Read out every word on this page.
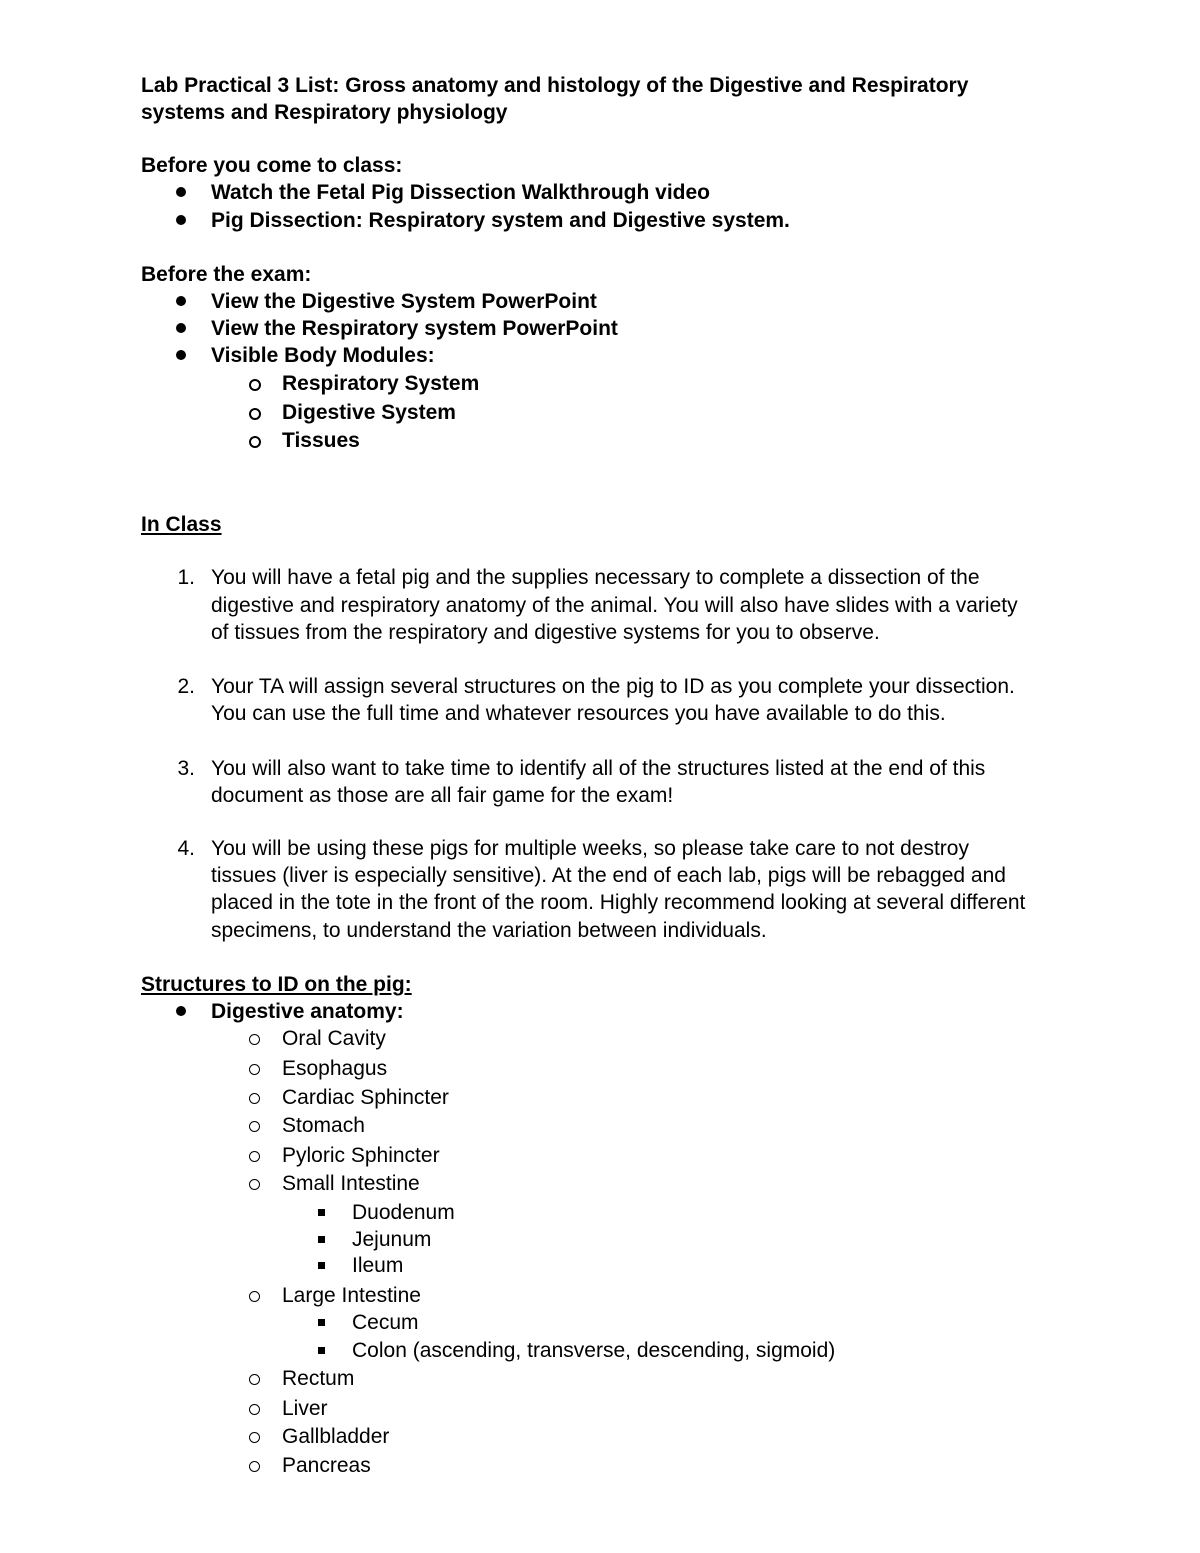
Lab Practical 3 List: Gross anatomy and histology of the Digestive and Respiratory
systems and Respiratory physiology
Before you come to class:
Watch the Fetal Pig Dissection Walkthrough video
Pig Dissection: Respiratory system and Digestive system.
Before the exam:
View the Digestive System PowerPoint
View the Respiratory system PowerPoint
Visible Body Modules:
Respiratory System
Digestive System
Tissues
In Class
1. You will have a fetal pig and the supplies necessary to complete a dissection of the
digestive and respiratory anatomy of the animal. You will also have slides with a variety
of tissues from the respiratory and digestive systems for you to observe.
2. Your TA will assign several structures on the pig to ID as you complete your dissection.
You can use the full time and whatever resources you have available to do this.
3. You will also want to take time to identify all of the structures listed at the end of this
document as those are all fair game for the exam!
4. You will be using these pigs for multiple weeks, so please take care to not destroy
tissues (liver is especially sensitive). At the end of each lab, pigs will be rebagged and
placed in the tote in the front of the room. Highly recommend looking at several different
specimens, to understand the variation between individuals.
Structures to ID on the pig:
Digestive anatomy:
Oral Cavity
Esophagus
Cardiac Sphincter
Stomach
Pyloric Sphincter
Small Intestine
Duodenum
Jejunum
Ileum
Large Intestine
Cecum
Colon (ascending, transverse, descending, sigmoid)
Rectum
Liver
Gallbladder
Pancreas
